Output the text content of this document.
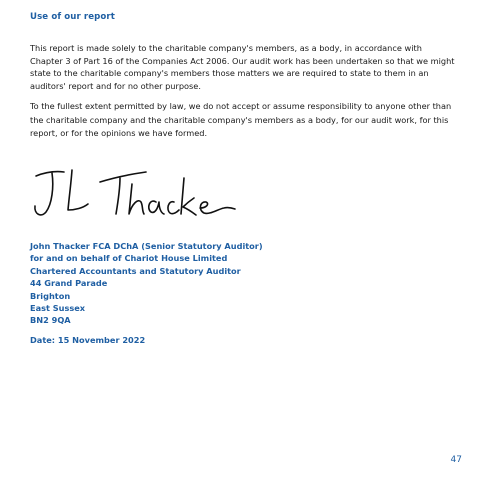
Use of our report

This report is made solely to the charitable company's members, as a body, in accordance with Chapter 3 of Part 16 of the Companies Act 2006. Our audit work has been undertaken so that we might state to the charitable company's members those matters we are required to state to them in an auditors' report and for no other purpose.

To the fullest extent permitted by law, we do not accept or assume responsibility to anyone other than the charitable company and the charitable company's members as a body, for our audit work, for this report, or for the opinions we have formed.

John Thacker FCA DChA (Senior Statutory Auditor)
for and on behalf of Chariot House Limited
Chartered Accountants and Statutory Auditor
44 Grand Parade
Brighton
East Sussex
BN2 9QA

Date: 15 November 2022

47
